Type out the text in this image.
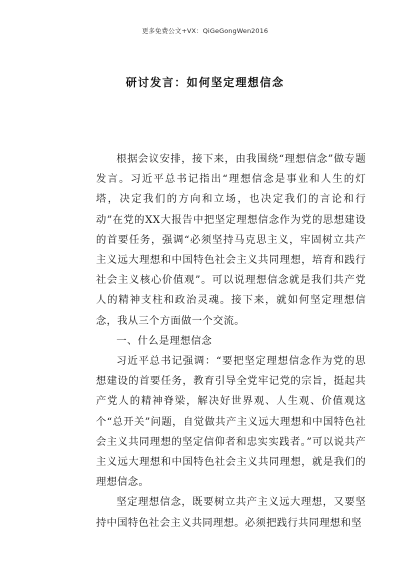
更多免费公文+VX：QiGeGongWen2016
研讨发言：如何坚定理想信念

根据会议安排，接下来，由我围绕“理想信念”做专题发言。习近平总书记指出“理想信念是事业和人生的灯塔，决定我们的方向和立场，也决定我们的言论和行动”在党的XX大报告中把坚定理想信念作为党的思想建设的首要任务，强调“必须坚持马克思主义，牢固树立共产主义远大理想和中国特色社会主义共同理想，培育和践行社会主义核心价值观”。可以说理想信念就是我们共产党人的精神支柱和政治灵魂。接下来，就如何坚定理想信念，我从三个方面做一个交流。

一、什么是理想信念

习近平总书记强调：“要把坚定理想信念作为党的思想建设的首要任务，教育引导全党牢记党的宗旨，挺起共产党人的精神脊梁，解决好世界观、人生观、价值观这个“总开关”问题，自觉做共产主义远大理想和中国特色社会主义共同理想的坚定信仰者和忠实实践者。”可以说共产主义远大理想和中国特色社会主义共同理想，就是我们的理想信念。

坚定理想信念，既要树立共产主义远大理想，又要坚持中国特色社会主义共同理想。必须把践行共同理想和坚
